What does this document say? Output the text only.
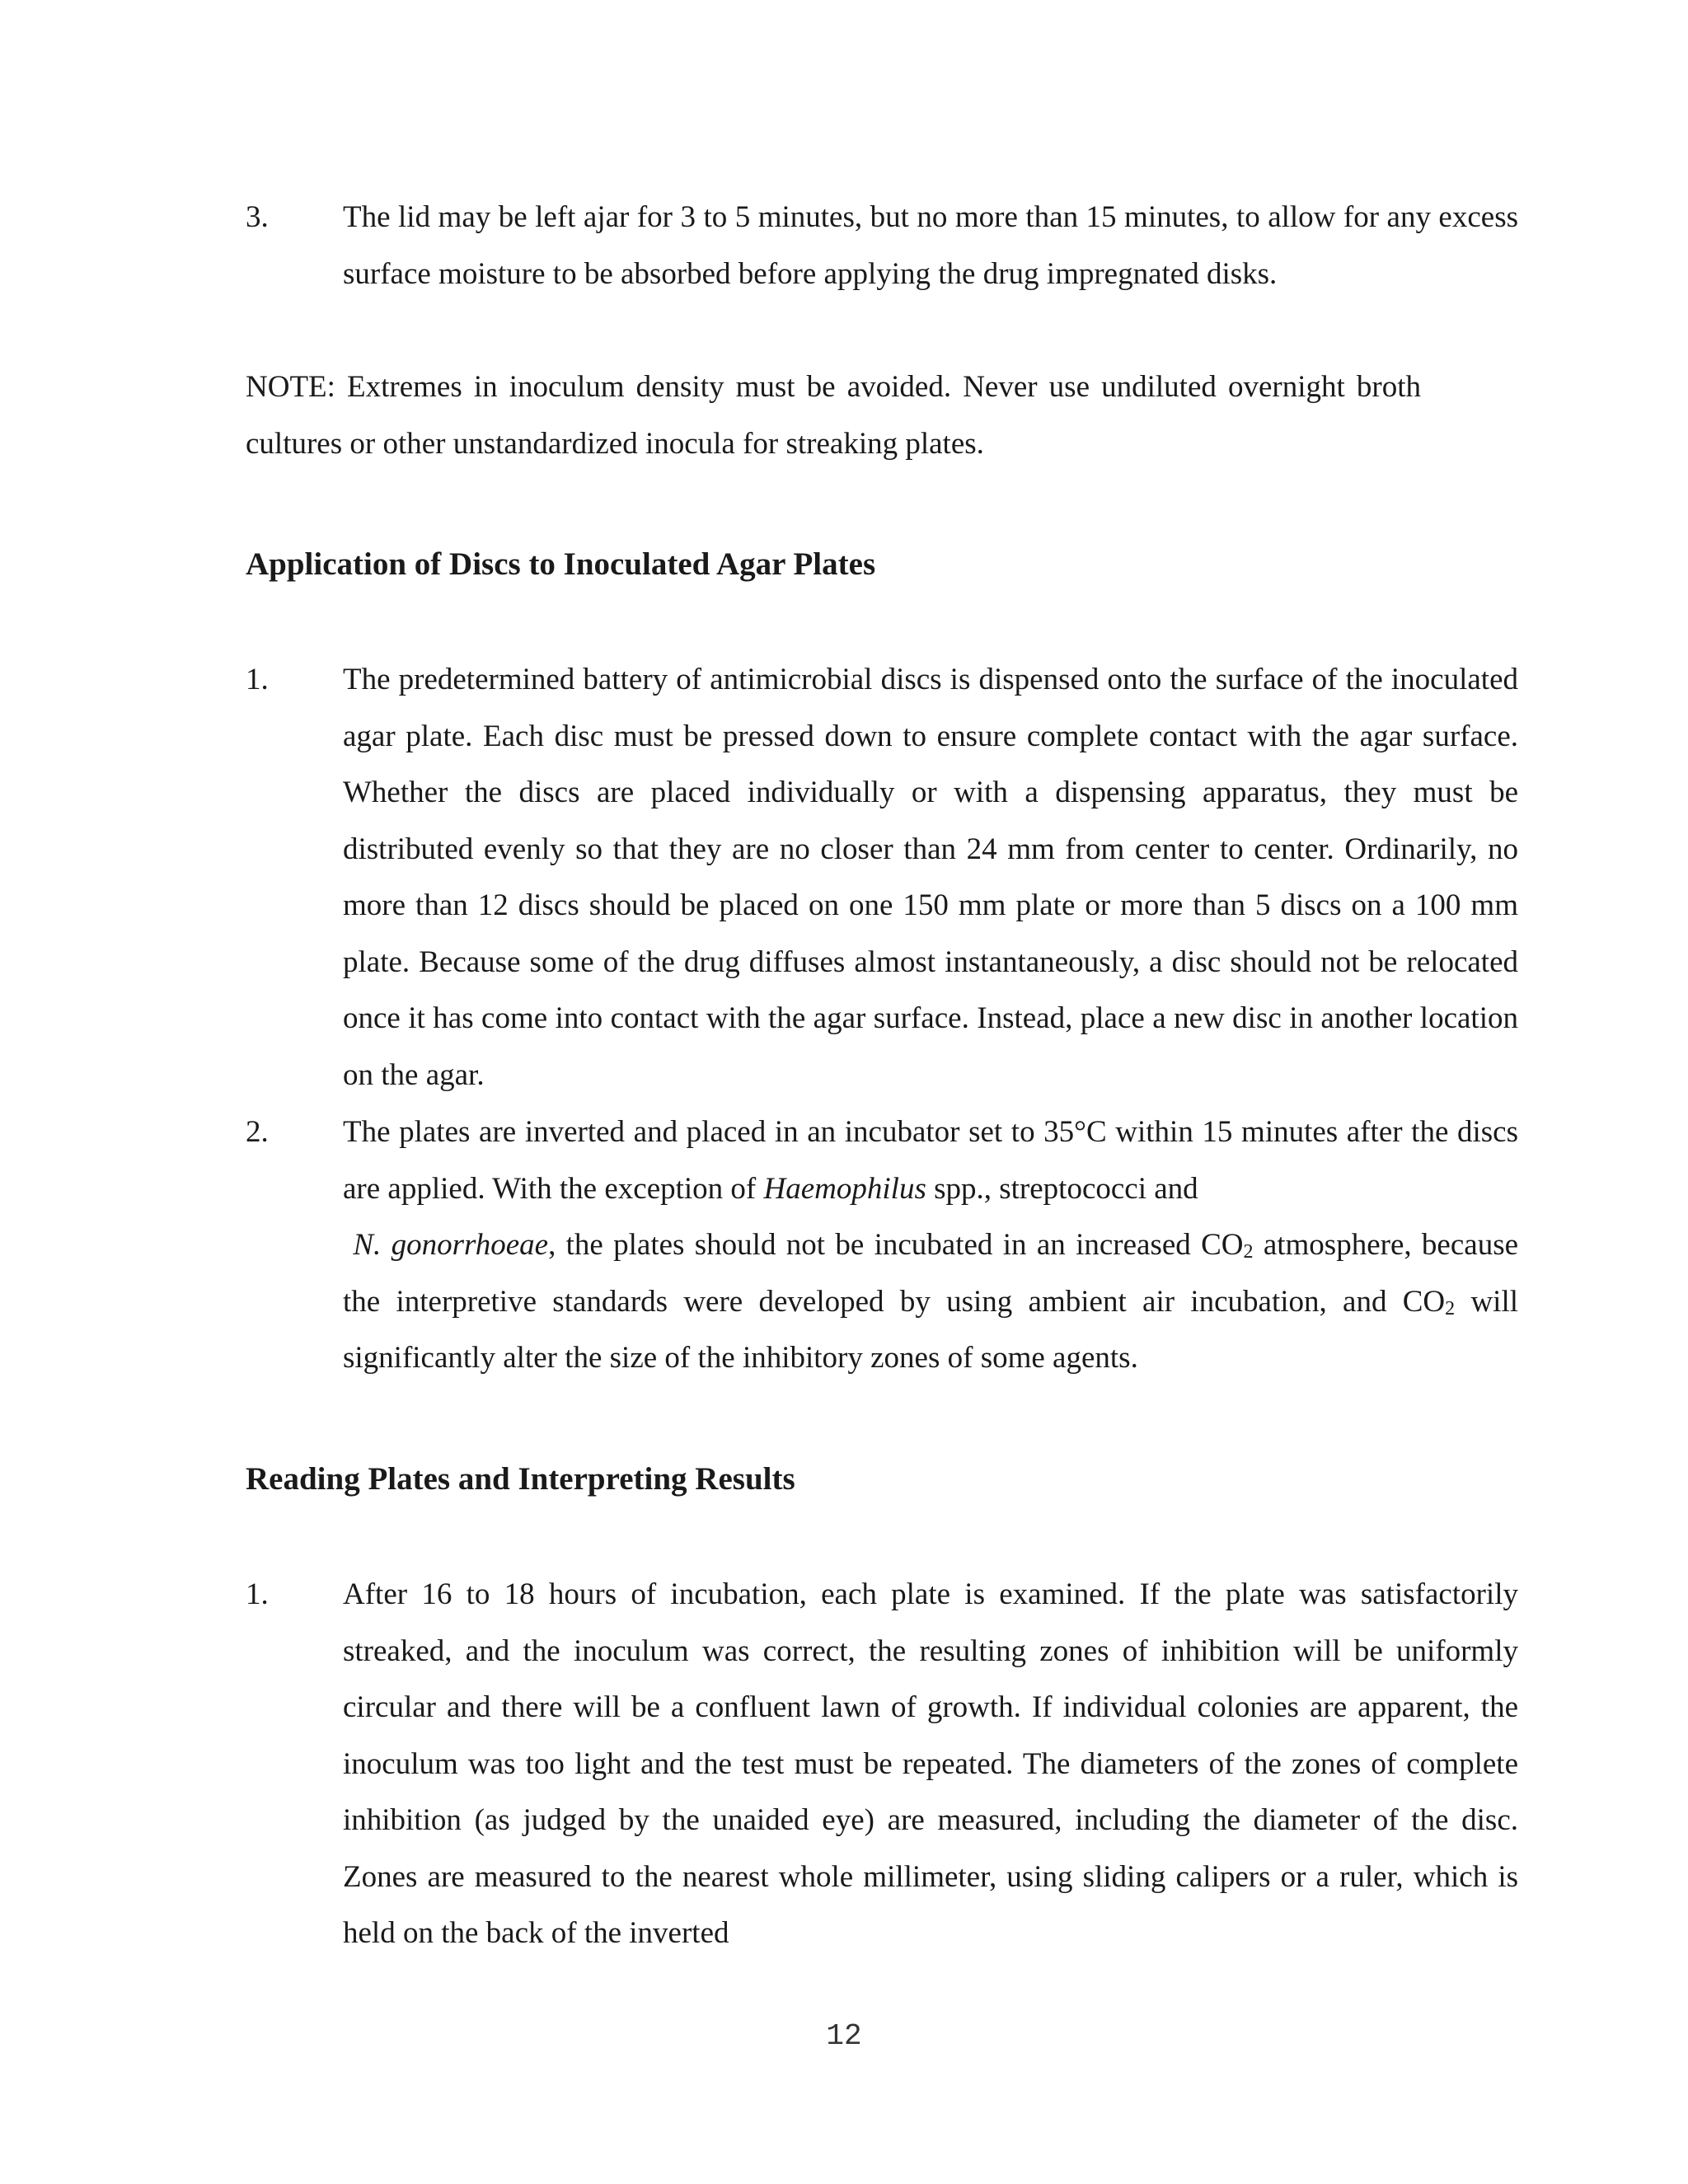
3. The lid may be left ajar for 3 to 5 minutes, but no more than 15 minutes, to allow for any excess surface moisture to be absorbed before applying the drug impregnated disks.

NOTE: Extremes in inoculum density must be avoided. Never use undiluted overnight broth cultures or other unstandardized inocula for streaking plates.

Application of Discs to Inoculated Agar Plates
1. The predetermined battery of antimicrobial discs is dispensed onto the surface of the inoculated agar plate. Each disc must be pressed down to ensure complete contact with the agar surface. Whether the discs are placed individually or with a dispensing apparatus, they must be distributed evenly so that they are no closer than 24 mm from center to center. Ordinarily, no more than 12 discs should be placed on one 150 mm plate or more than 5 discs on a 100 mm plate. Because some of the drug diffuses almost instantaneously, a disc should not be relocated once it has come into contact with the agar surface. Instead, place a new disc in another location on the agar.
2. The plates are inverted and placed in an incubator set to 35°C within 15 minutes after the discs are applied. With the exception of Haemophilus spp., streptococci and
N. gonorrhoeae, the plates should not be incubated in an increased $CO_2$ atmosphere, because the interpretive standards were developed by using ambient air incubation, and $CO_2$ will significantly alter the size of the inhibitory zones of some agents.
Reading Plates and Interpreting Results
1. After 16 to 18 hours of incubation, each plate is examined. If the plate was satisfactorily streaked, and the inoculum was correct, the resulting zones of inhibition will be uniformly circular and there will be a confluent lawn of growth. If individual colonies are apparent, the inoculum was too light and the test must be repeated. The diameters of the zones of complete inhibition (as judged by the unaided eye) are measured, including the diameter of the disc. Zones are measured to the nearest whole millimeter, using sliding calipers or a ruler, which is held on the back of the inverted
12
